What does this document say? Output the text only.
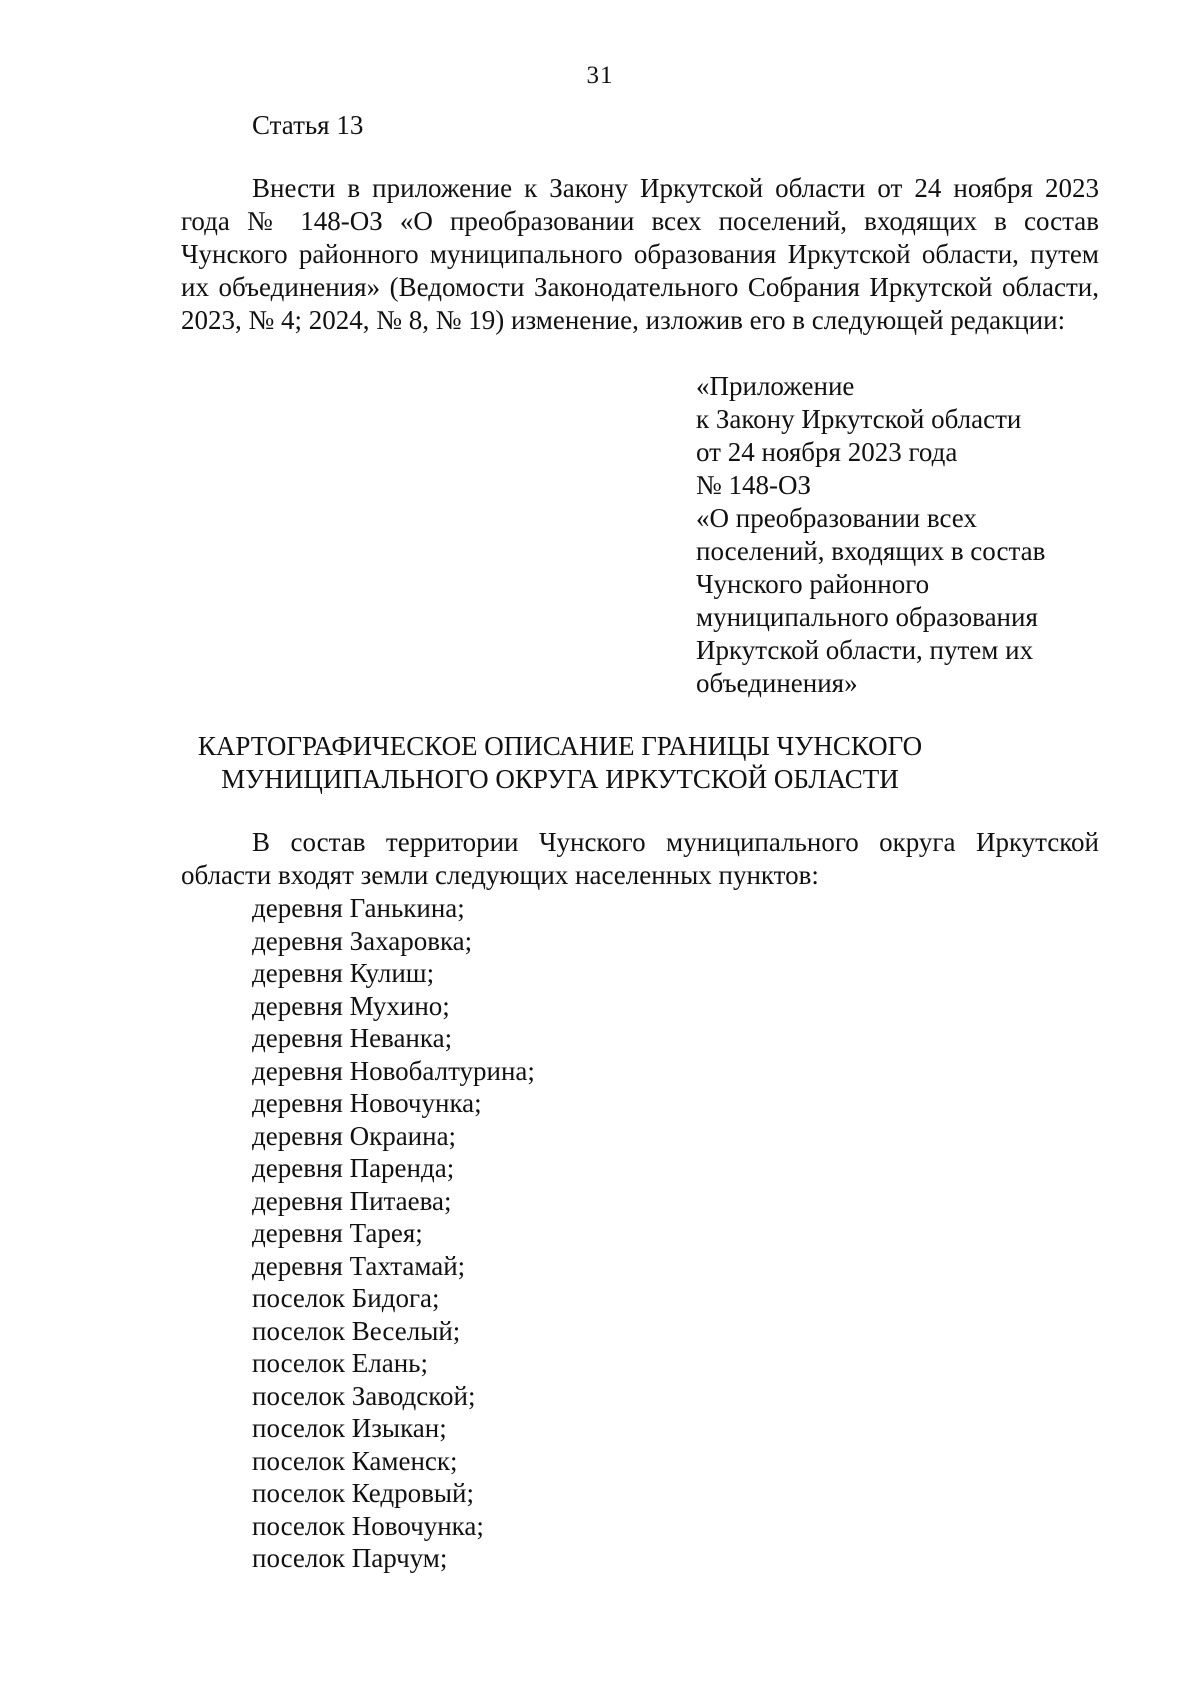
31
Статья 13

Внести в приложение к Закону Иркутской области от 24 ноября 2023 года № 148-ОЗ «О преобразовании всех поселений, входящих в состав Чунского районного муниципального образования Иркутской области, путем их объединения» (Ведомости Законодательного Собрания Иркутской области, 2023, № 4; 2024, № 8, № 19) изменение, изложив его в следующей редакции:

«Приложение
к Закону Иркутской области
от 24 ноября 2023 года
№ 148-ОЗ
«О преобразовании всех
поселений, входящих в состав
Чунского районного
муниципального образования
Иркутской области, путем их
объединения»
КАРТОГРАФИЧЕСКОЕ ОПИСАНИЕ ГРАНИЦЫ ЧУНСКОГО
МУНИЦИПАЛЬНОГО ОКРУГА ИРКУТСКОЙ ОБЛАСТИ

В состав территории Чунского муниципального округа Иркутской области входят земли следующих населенных пунктов:

деревня Ганькина;
деревня Захаровка;
деревня Кулиш;
деревня Мухино;
деревня Неванка;
деревня Новобалтурина;
деревня Новочунка;
деревня Окраина;
деревня Паренда;
деревня Питаева;
деревня Тарея;
деревня Тахтамай;
поселок Бидога;
поселок Веселый;
поселок Елань;
поселок Заводской;
поселок Изыкан;
поселок Каменск;
поселок Кедровый;
поселок Новочунка;
поселок Парчум;
